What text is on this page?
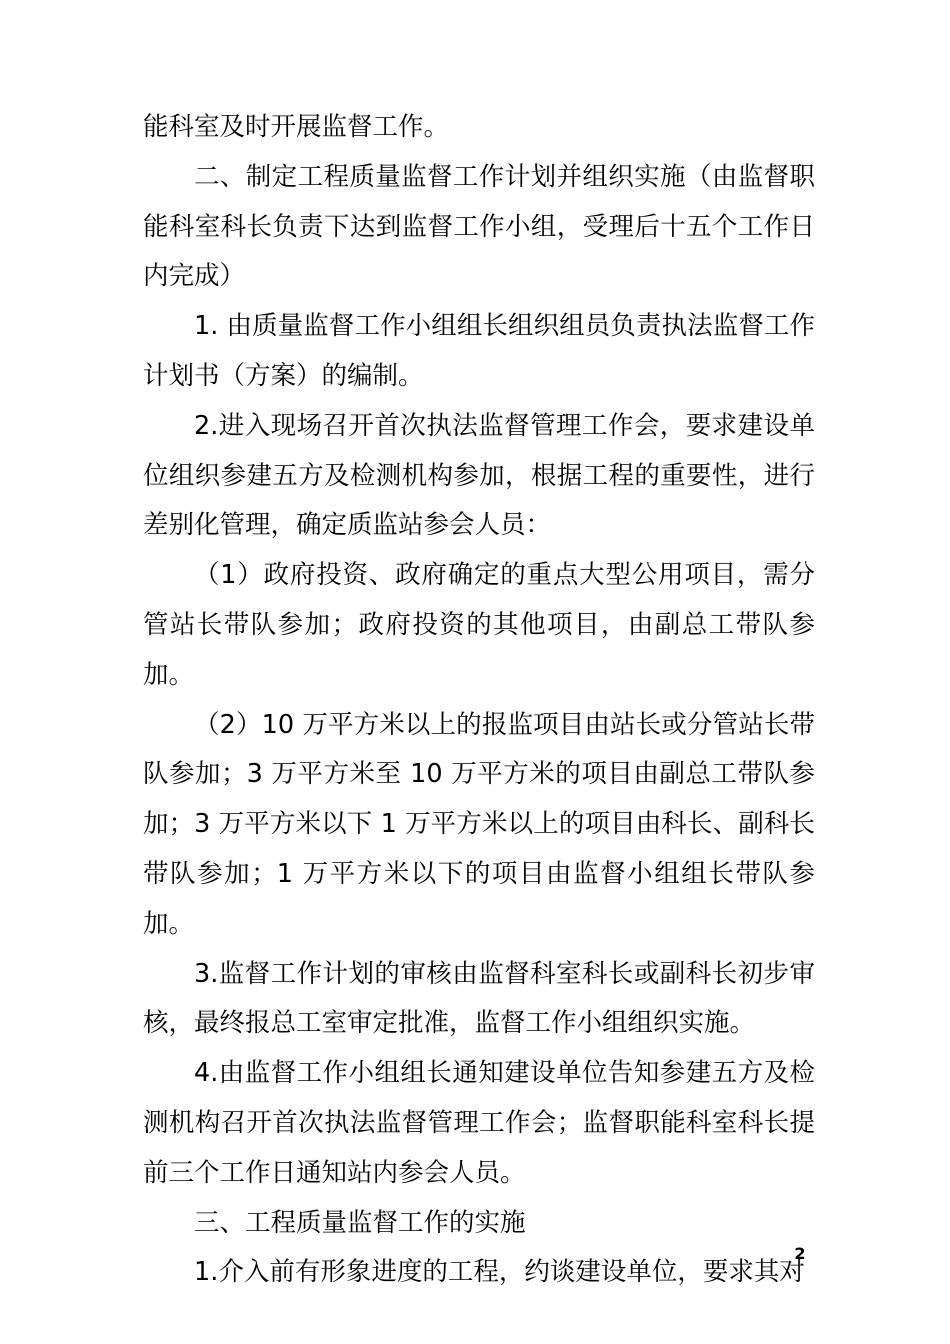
能科室及时开展监督工作。

二、制定工程质量监督工作计划并组织实施（由监督职能科室科长负责下达到监督工作小组，受理后十五个工作日内完成）

1. 由质量监督工作小组组长组织组员负责执法监督工作计划书（方案）的编制。

2.进入现场召开首次执法监督管理工作会，要求建设单位组织参建五方及检测机构参加，根据工程的重要性，进行差别化管理，确定质监站参会人员：

（1）政府投资、政府确定的重点大型公用项目，需分管站长带队参加；政府投资的其他项目，由副总工带队参加。

（2）10 万平方米以上的报监项目由站长或分管站长带队参加；3 万平方米至 10 万平方米的项目由副总工带队参加；3 万平方米以下 1 万平方米以上的项目由科长、副科长带队参加；1 万平方米以下的项目由监督小组组长带队参加。

3.监督工作计划的审核由监督科室科长或副科长初步审核，最终报总工室审定批准，监督工作小组组织实施。

4.由监督工作小组组长通知建设单位告知参建五方及检测机构召开首次执法监督管理工作会；监督职能科室科长提前三个工作日通知站内参会人员。

三、工程质量监督工作的实施

1.介入前有形象进度的工程，约谈建设单位，要求其对

2
